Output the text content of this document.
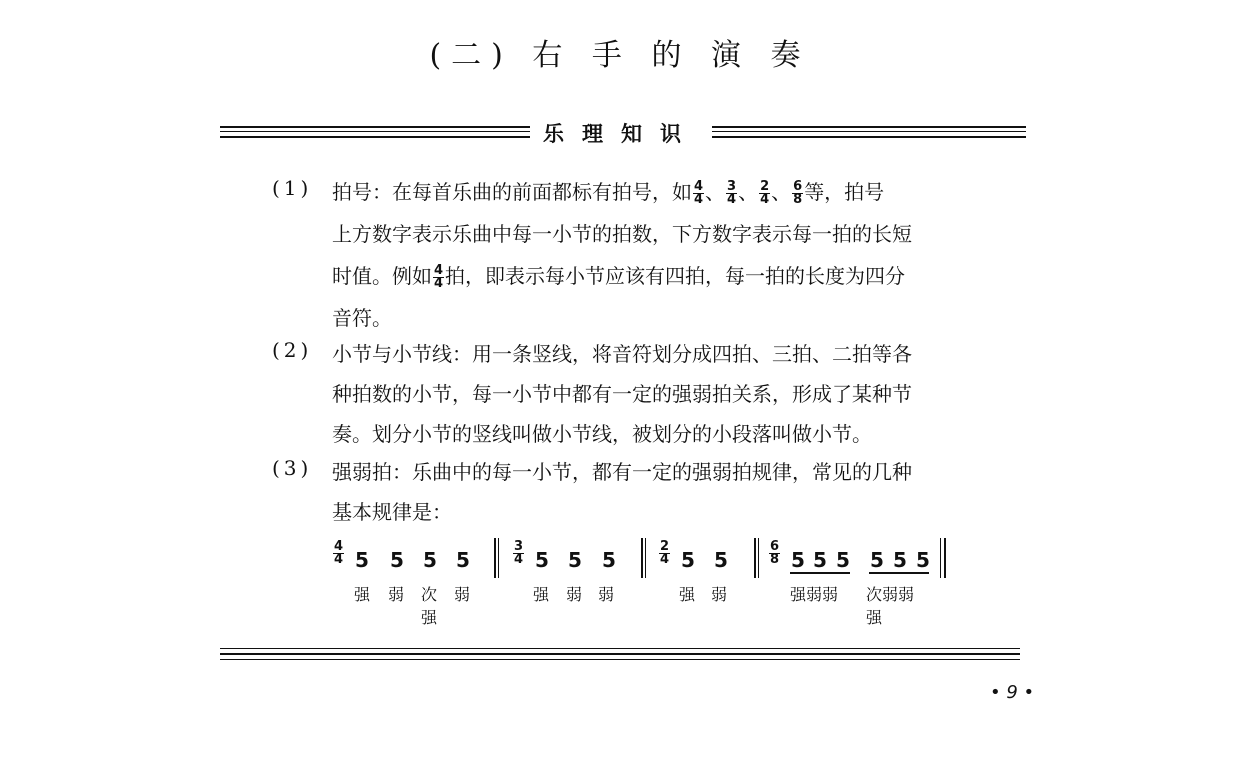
(二) 右 手 的 演 奏
乐理知识
(1) 拍号：在每首乐曲的前面都标有拍号，如 $\frac{4}{4}$ 、 $\frac{3}{4}$ 、 $\frac{2}{4}$ 、 $\frac{6}{8}$ 等，拍号
上方数字表示乐曲中每一小节的拍数，下方数字表示每一拍的长短
时值。例如 $\frac{4}{4}$ 拍，即表示每小节应该有四拍，每一拍的长度为四分
音符。
(2) 小节与小节线：用一条竖线，将音符划分成四拍、三拍、二拍等各
种拍数的小节，每一小节中都有一定的强弱拍关系，形成了某种节
奏。划分小节的竖线叫做小节线，被划分的小段落叫做小节。
(3) 强弱拍：乐曲中的每一小节，都有一定的强弱拍规律，常见的几种
基本规律是：
$\frac{4}{4} 5$ 5 5 5
强 弱 次
强
弱
$\frac{3}{4} 5$ 5 5
强 弱 弱
$\frac{2}{4} 5$ 5
强 弱
$\frac{6}{8} 5$ 5 5 5 5 5
强弱弱 次弱弱
强
• 9 •
